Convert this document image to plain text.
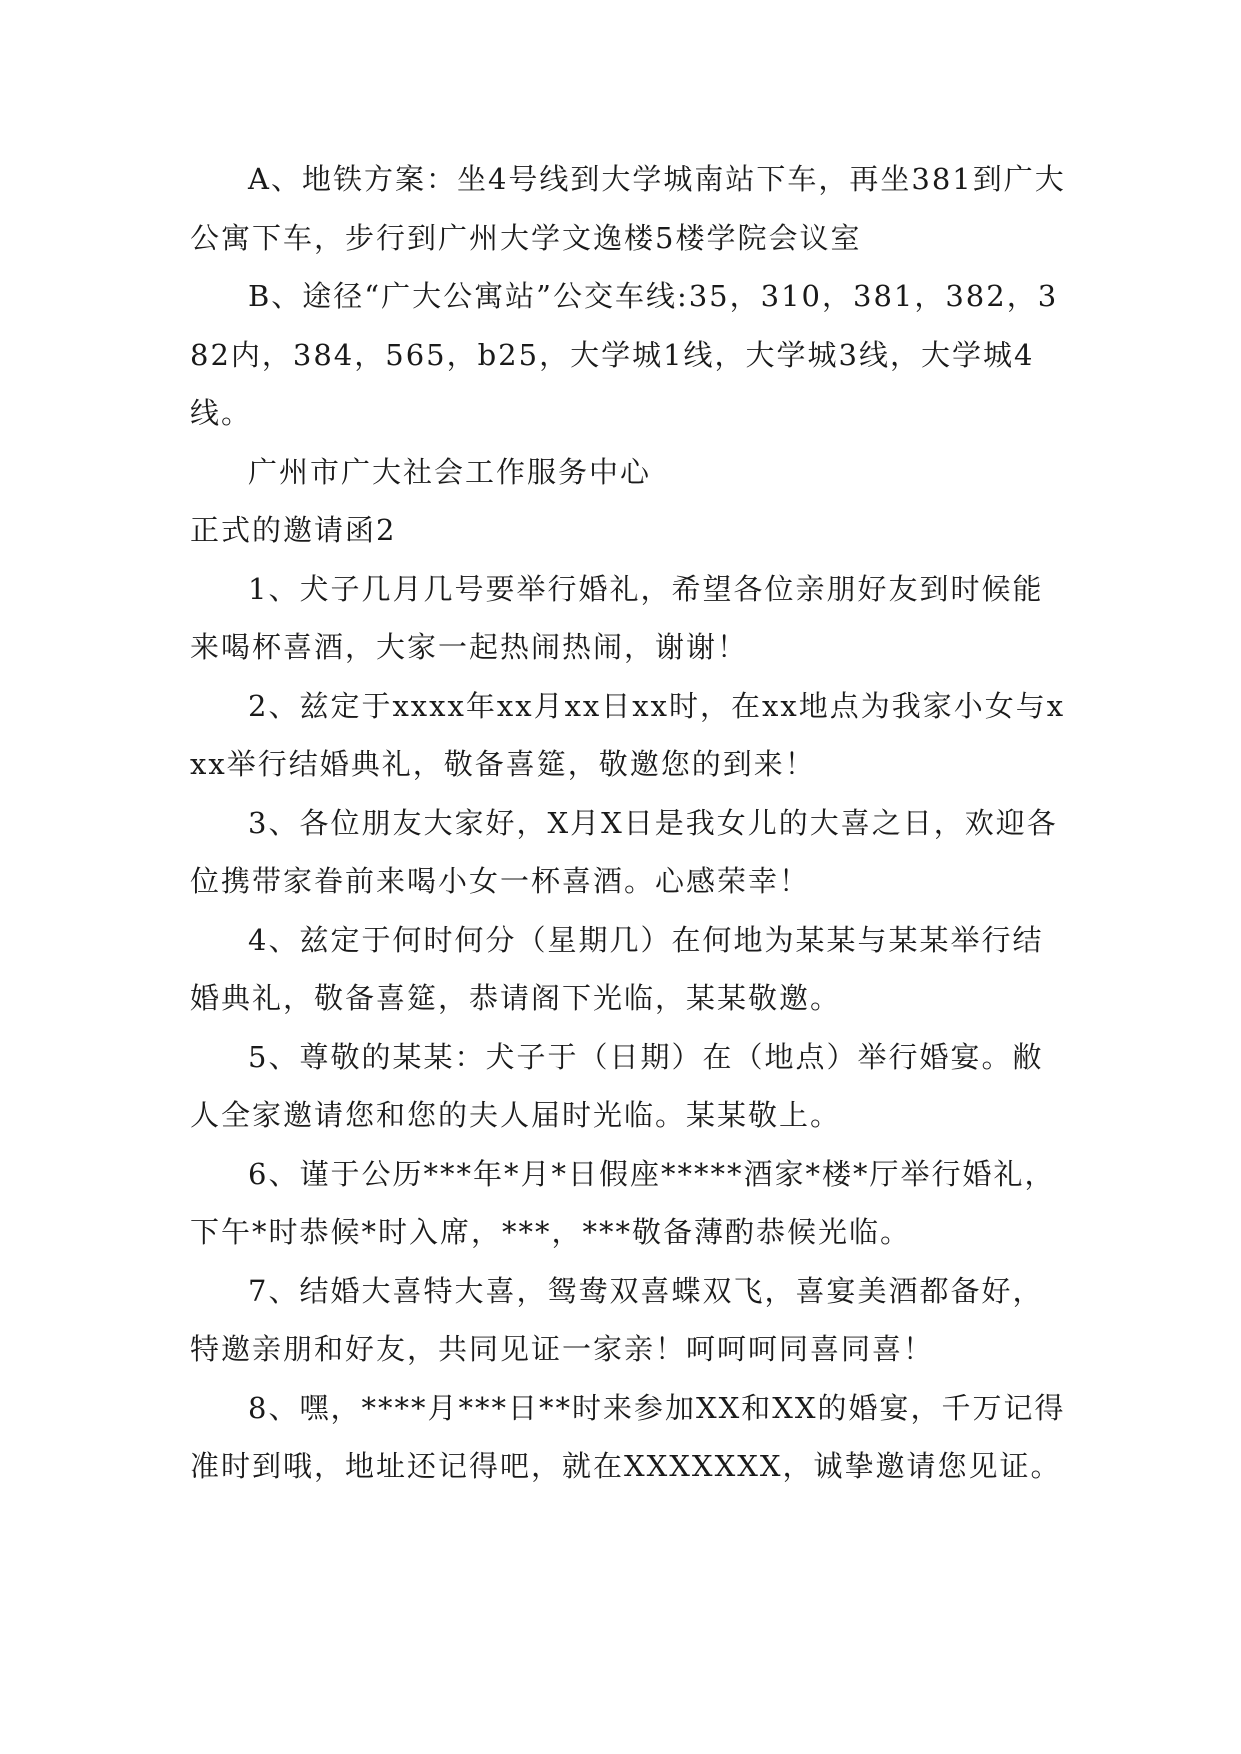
A、地铁方案：坐4号线到大学城南站下车，再坐381到广大公寓下车，步行到广州大学文逸楼5楼学院会议室

B、途径“广大公寓站”公交车线:35，310，381，382，382内，384，565，b25，大学城1线，大学城3线，大学城4线。

广州市广大社会工作服务中心

正式的邀请函2

1、犬子几月几号要举行婚礼，希望各位亲朋好友到时候能来喝杯喜酒，大家一起热闹热闹，谢谢！

2、兹定于xxxx年xx月xx日xx时，在xx地点为我家小女与xxx举行结婚典礼，敬备喜筵，敬邀您的到来！

3、各位朋友大家好，X月X日是我女儿的大喜之日，欢迎各位携带家眷前来喝小女一杯喜酒。心感荣幸！

4、兹定于何时何分（星期几）在何地为某某与某某举行结婚典礼，敬备喜筵，恭请阁下光临，某某敬邀。

5、尊敬的某某：犬子于（日期）在（地点）举行婚宴。敝人全家邀请您和您的夫人届时光临。某某敬上。

6、谨于公历***年*月*日假座*****酒家*楼*厅举行婚礼，下午*时恭候*时入席，***，***敬备薄酌恭候光临。

7、结婚大喜特大喜，鸳鸯双喜蝶双飞，喜宴美酒都备好，特邀亲朋和好友，共同见证一家亲！呵呵呵同喜同喜！

8、嘿，****月***日**时来参加XX和XX的婚宴，千万记得准时到哦，地址还记得吧，就在XXXXXXX，诚挚邀请您见证。
